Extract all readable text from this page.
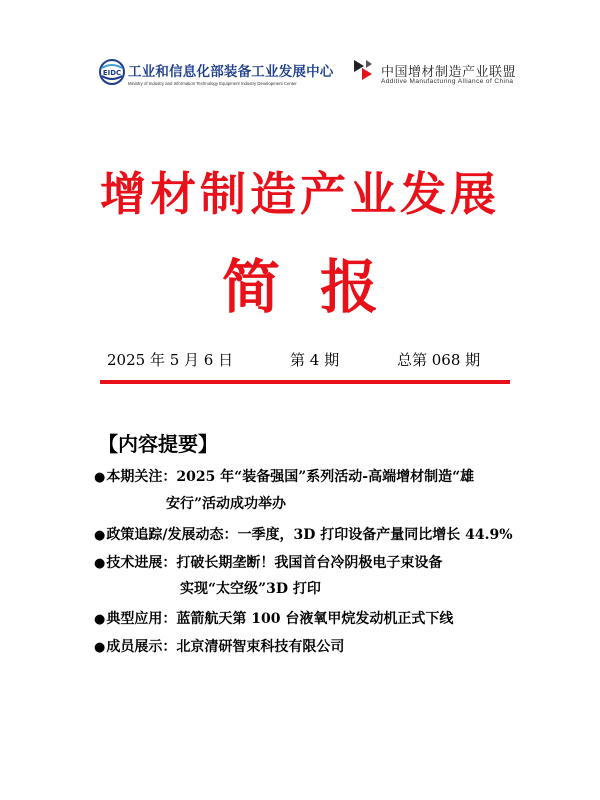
EIDC 工业和信息化部装备工业发展中心
Ministry of Industry and Information Technology Equipment Industry Development Center
中国增材制造产业联盟
Additive Manufacturing Alliance of China
增材制造产业发展
简报
2025 年 5 月 6 日	第 4 期	总第 068 期
【内容提要】
●本期关注：2025 年“装备强国”系列活动-高端增材制造“雄
安行”活动成功举办
●政策追踪/发展动态：一季度，3D 打印设备产量同比增长 44.9%
●技术进展：打破长期垄断！我国首台冷阴极电子束设备
实现“太空级”3D 打印
●典型应用：蓝箭航天第 100 台液氧甲烷发动机正式下线
●成员展示：北京清研智束科技有限公司
